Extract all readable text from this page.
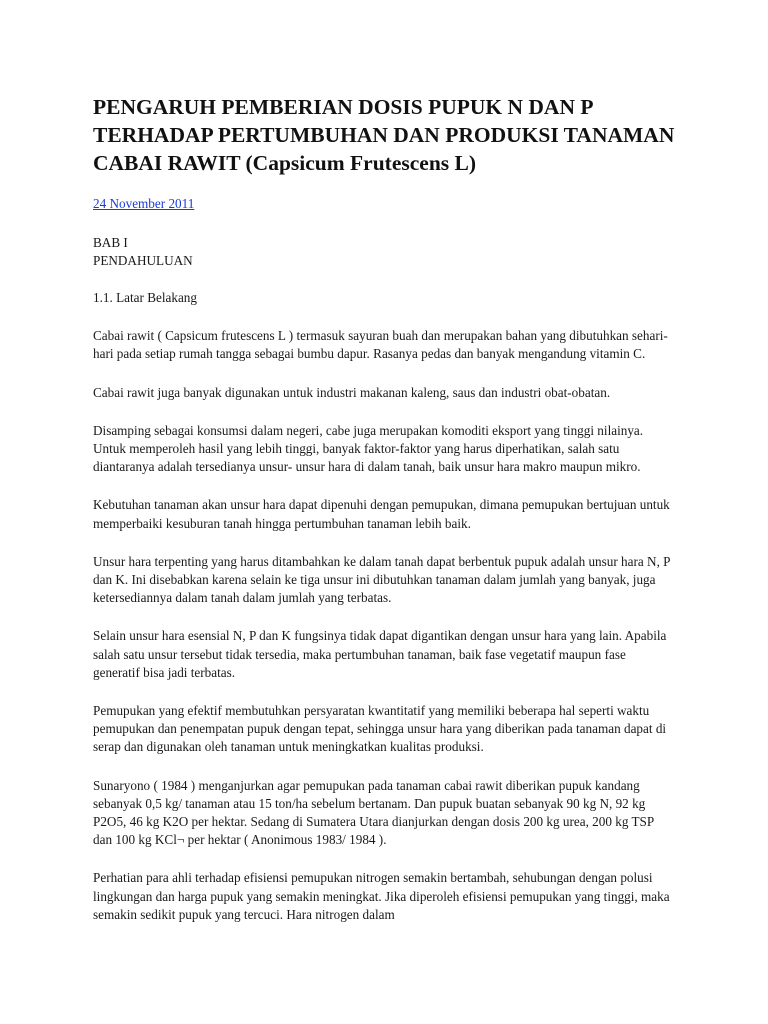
PENGARUH PEMBERIAN DOSIS PUPUK N DAN P TERHADAP PERTUMBUHAN DAN PRODUKSI TANAMAN CABAI RAWIT (Capsicum Frutescens L)
24 November 2011
BAB I
PENDAHULUAN

1.1. Latar Belakang

Cabai rawit ( Capsicum frutescens L ) termasuk sayuran buah dan merupakan bahan yang dibutuhkan sehari- hari pada setiap rumah tangga sebagai bumbu dapur. Rasanya pedas dan banyak mengandung vitamin C.

Cabai rawit juga banyak digunakan untuk industri makanan kaleng, saus dan industri obat-obatan.

Disamping sebagai konsumsi dalam negeri, cabe juga merupakan komoditi eksport yang tinggi nilainya. Untuk memperoleh hasil yang lebih tinggi, banyak faktor-faktor yang harus diperhatikan, salah satu diantaranya adalah tersedianya unsur- unsur hara di dalam tanah, baik unsur hara makro maupun mikro.

Kebutuhan tanaman akan unsur hara dapat dipenuhi dengan pemupukan, dimana pemupukan bertujuan untuk memperbaiki kesuburan tanah hingga pertumbuhan tanaman lebih baik.

Unsur hara terpenting yang harus ditambahkan ke dalam tanah dapat berbentuk pupuk adalah unsur hara N, P dan K. Ini disebabkan karena selain ke tiga unsur ini dibutuhkan tanaman dalam jumlah yang banyak, juga ketersediannya dalam tanah dalam jumlah yang terbatas.

Selain unsur hara esensial N, P dan K fungsinya tidak dapat digantikan dengan unsur hara yang lain. Apabila salah satu unsur tersebut tidak tersedia, maka pertumbuhan tanaman, baik fase vegetatif maupun fase generatif bisa jadi terbatas.

Pemupukan yang efektif membutuhkan persyaratan kwantitatif yang memiliki beberapa hal seperti waktu pemupukan dan penempatan pupuk dengan tepat, sehingga unsur hara yang diberikan pada tanaman dapat di serap dan digunakan oleh tanaman untuk meningkatkan kualitas produksi.

Sunaryono ( 1984 ) menganjurkan agar pemupukan pada tanaman cabai rawit diberikan pupuk kandang sebanyak 0,5 kg/ tanaman atau 15 ton/ha sebelum bertanam. Dan pupuk buatan sebanyak 90 kg N, 92 kg P2O5, 46 kg K2O per hektar. Sedang di Sumatera Utara dianjurkan dengan dosis 200 kg urea, 200 kg TSP dan 100 kg KCl¬ per hektar ( Anonimous 1983/ 1984 ).

Perhatian para ahli terhadap efisiensi pemupukan nitrogen semakin bertambah, sehubungan dengan polusi lingkungan dan harga pupuk yang semakin meningkat. Jika diperoleh efisiensi pemupukan yang tinggi, maka semakin sedikit pupuk yang tercuci. Hara nitrogen dalam
